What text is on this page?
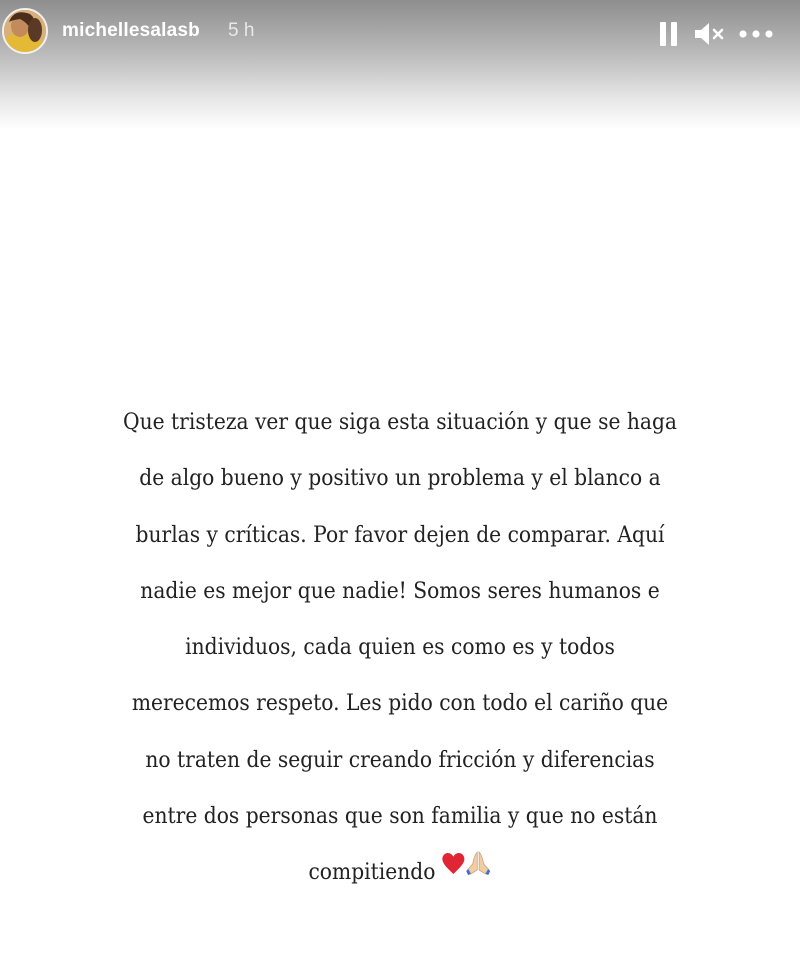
michellesalasb 5 h

Que tristeza ver que siga esta situación y que se haga

de algo bueno y positivo un problema y el blanco a

burlas y críticas. Por favor dejen de comparar. Aquí

nadie es mejor que nadie! Somos seres humanos e

individuos, cada quien es como es y todos

merecemos respeto. Les pido con todo el cariño que

no traten de seguir creando fricción y diferencias

entre dos personas que son familia y que no están

compitiendo
